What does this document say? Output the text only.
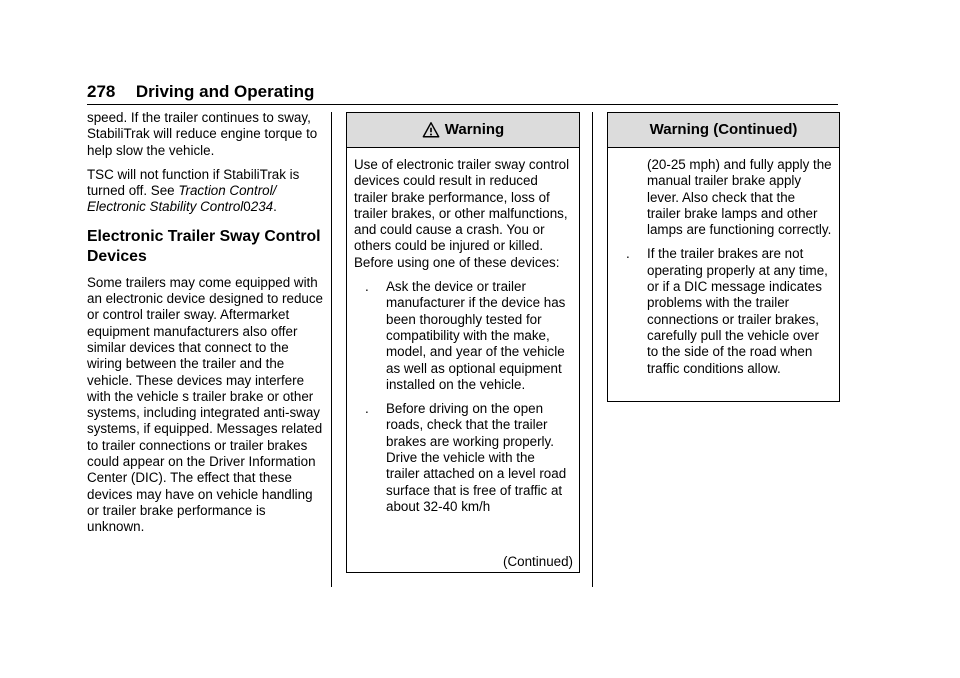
278 Driving and Operating

speed. If the trailer continues to sway, StabiliTrak will reduce engine torque to help slow the vehicle.

TSC will not function if StabiliTrak is turned off. See Traction Control/ Electronic Stability Control0234.

Electronic Trailer Sway Control Devices

Some trailers may come equipped with an electronic device designed to reduce or control trailer sway. Aftermarket equipment manufacturers also offer similar devices that connect to the wiring between the trailer and the vehicle. These devices may interfere with the vehicle s trailer brake or other systems, including integrated anti-sway systems, if equipped. Messages related to trailer connections or trailer brakes could appear on the Driver Information Center (DIC). The effect that these devices may have on vehicle handling or trailer brake performance is unknown.

Warning

Use of electronic trailer sway control devices could result in reduced trailer brake performance, loss of trailer brakes, or other malfunctions, and could cause a crash. You or others could be injured or killed. Before using one of these devices:

. Ask the device or trailer manufacturer if the device has been thoroughly tested for compatibility with the make, model, and year of the vehicle as well as optional equipment installed on the vehicle.
. Before driving on the open roads, check that the trailer brakes are working properly. Drive the vehicle with the trailer attached on a level road surface that is free of traffic at about 32-40 km/h
(Continued)
Warning (Continued)
(20-25 mph) and fully apply the manual trailer brake apply lever. Also check that the trailer brake lamps and other lamps are functioning correctly.
. If the trailer brakes are not operating properly at any time, or if a DIC message indicates problems with the trailer connections or trailer brakes, carefully pull the vehicle over to the side of the road when traffic conditions allow.
